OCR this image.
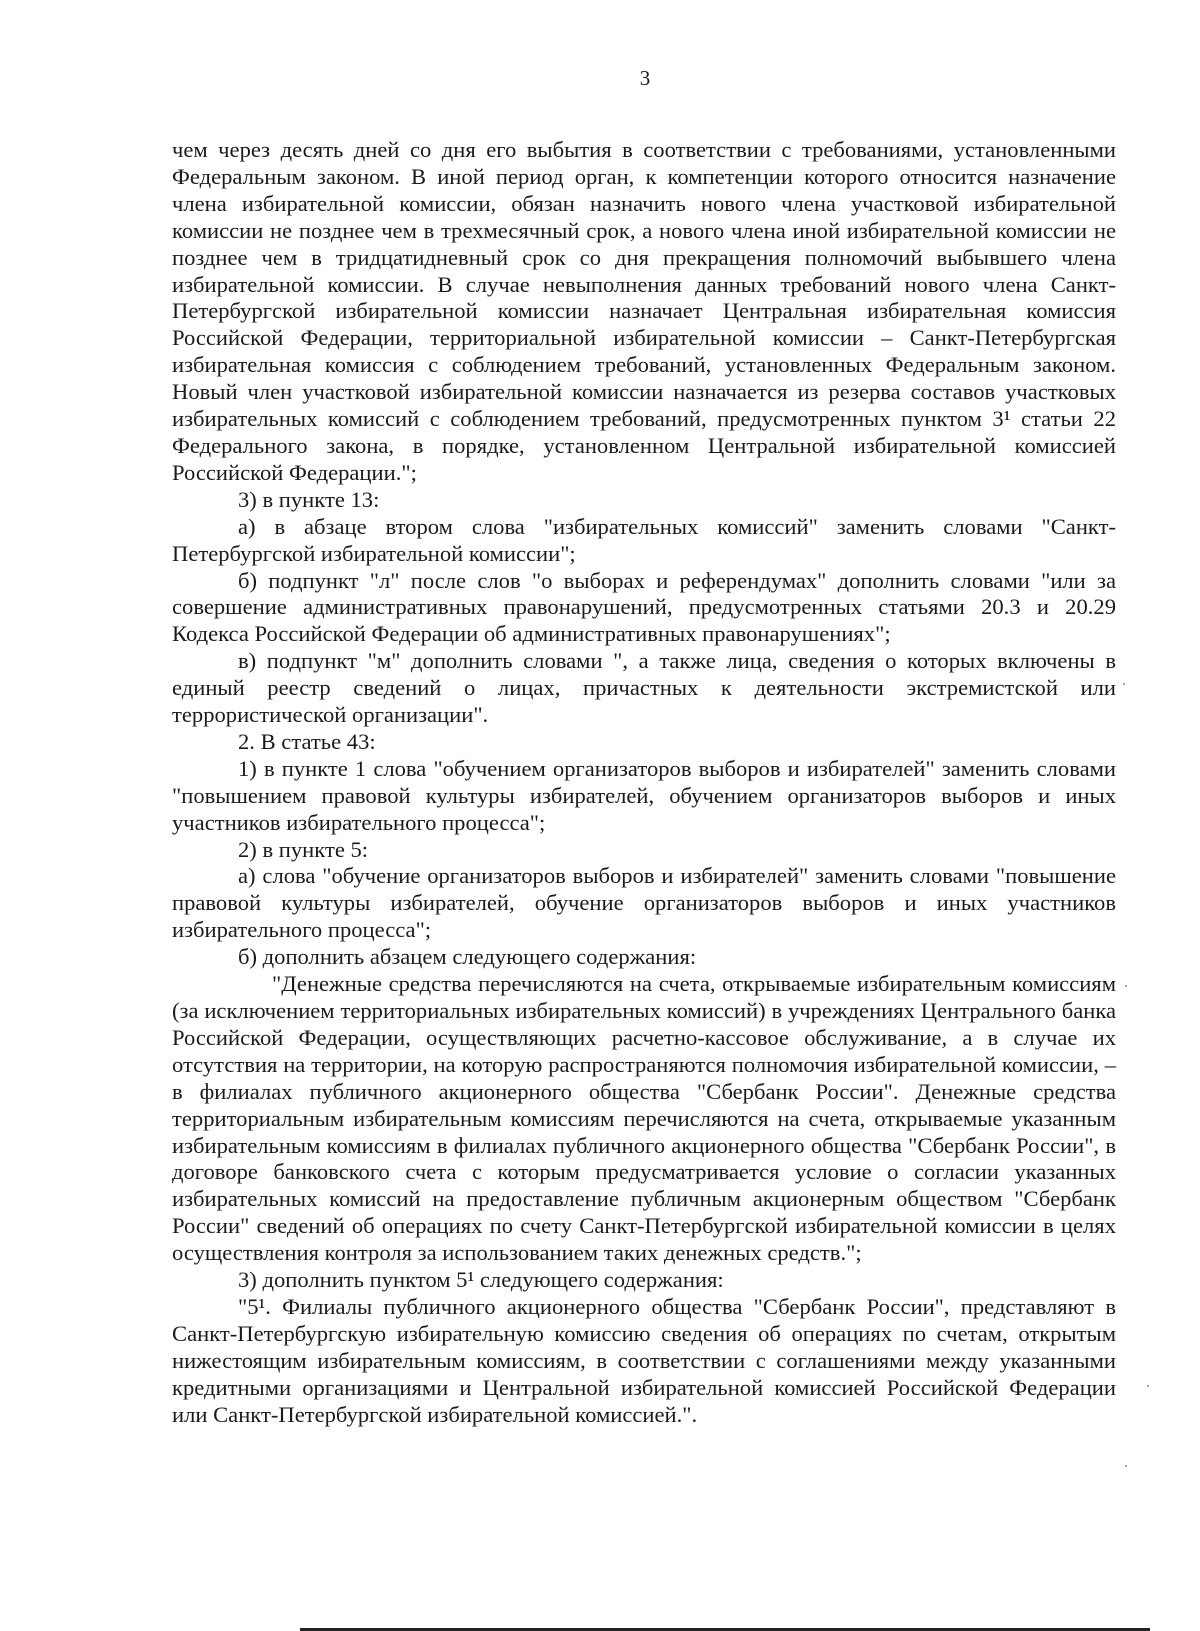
3

чем через десять дней со дня его выбытия в соответствии с требованиями, установленными Федеральным законом. В иной период орган, к компетенции которого относится назначение члена избирательной комиссии, обязан назначить нового члена участковой избирательной комиссии не позднее чем в трехмесячный срок, а нового члена иной избирательной комиссии не позднее чем в тридцатидневный срок со дня прекращения полномочий выбывшего члена избирательной комиссии. В случае невыполнения данных требований нового члена Санкт-Петербургской избирательной комиссии назначает Центральная избирательная комиссия Российской Федерации, территориальной избирательной комиссии – Санкт-Петербургская избирательная комиссия с соблюдением требований, установленных Федеральным законом. Новый член участковой избирательной комиссии назначается из резерва составов участковых избирательных комиссий с соблюдением требований, предусмотренных пунктом 3¹ статьи 22 Федерального закона, в порядке, установленном Центральной избирательной комиссией Российской Федерации.";

3) в пункте 13:

а) в абзаце втором слова "избирательных комиссий" заменить словами "Санкт-Петербургской избирательной комиссии";

б) подпункт "л" после слов "о выборах и референдумах" дополнить словами "или за совершение административных правонарушений, предусмотренных статьями 20.3 и 20.29 Кодекса Российской Федерации об административных правонарушениях";

в) подпункт "м" дополнить словами ", а также лица, сведения о которых включены в единый реестр сведений о лицах, причастных к деятельности экстремистской или террористической организации".

2. В статье 43:

1) в пункте 1 слова "обучением организаторов выборов и избирателей" заменить словами "повышением правовой культуры избирателей, обучением организаторов выборов и иных участников избирательного процесса";

2) в пункте 5:

а) слова "обучение организаторов выборов и избирателей" заменить словами "повышение правовой культуры избирателей, обучение организаторов выборов и иных участников избирательного процесса";

б) дополнить абзацем следующего содержания:

"Денежные средства перечисляются на счета, открываемые избирательным комиссиям (за исключением территориальных избирательных комиссий) в учреждениях Центрального банка Российской Федерации, осуществляющих расчетно-кассовое обслуживание, а в случае их отсутствия на территории, на которую распространяются полномочия избирательной комиссии, – в филиалах публичного акционерного общества "Сбербанк России". Денежные средства территориальным избирательным комиссиям перечисляются на счета, открываемые указанным избирательным комиссиям в филиалах публичного акционерного общества "Сбербанк России", в договоре банковского счета с которым предусматривается условие о согласии указанных избирательных комиссий на предоставление публичным акционерным обществом "Сбербанк России" сведений об операциях по счету Санкт-Петербургской избирательной комиссии в целях осуществления контроля за использованием таких денежных средств.";

3) дополнить пунктом 5¹ следующего содержания:

"5¹. Филиалы публичного акционерного общества "Сбербанк России", представляют в Санкт-Петербургскую избирательную комиссию сведения об операциях по счетам, открытым нижестоящим избирательным комиссиям, в соответствии с соглашениями между указанными кредитными организациями и Центральной избирательной комиссией Российской Федерации или Санкт-Петербургской избирательной комиссией.".
